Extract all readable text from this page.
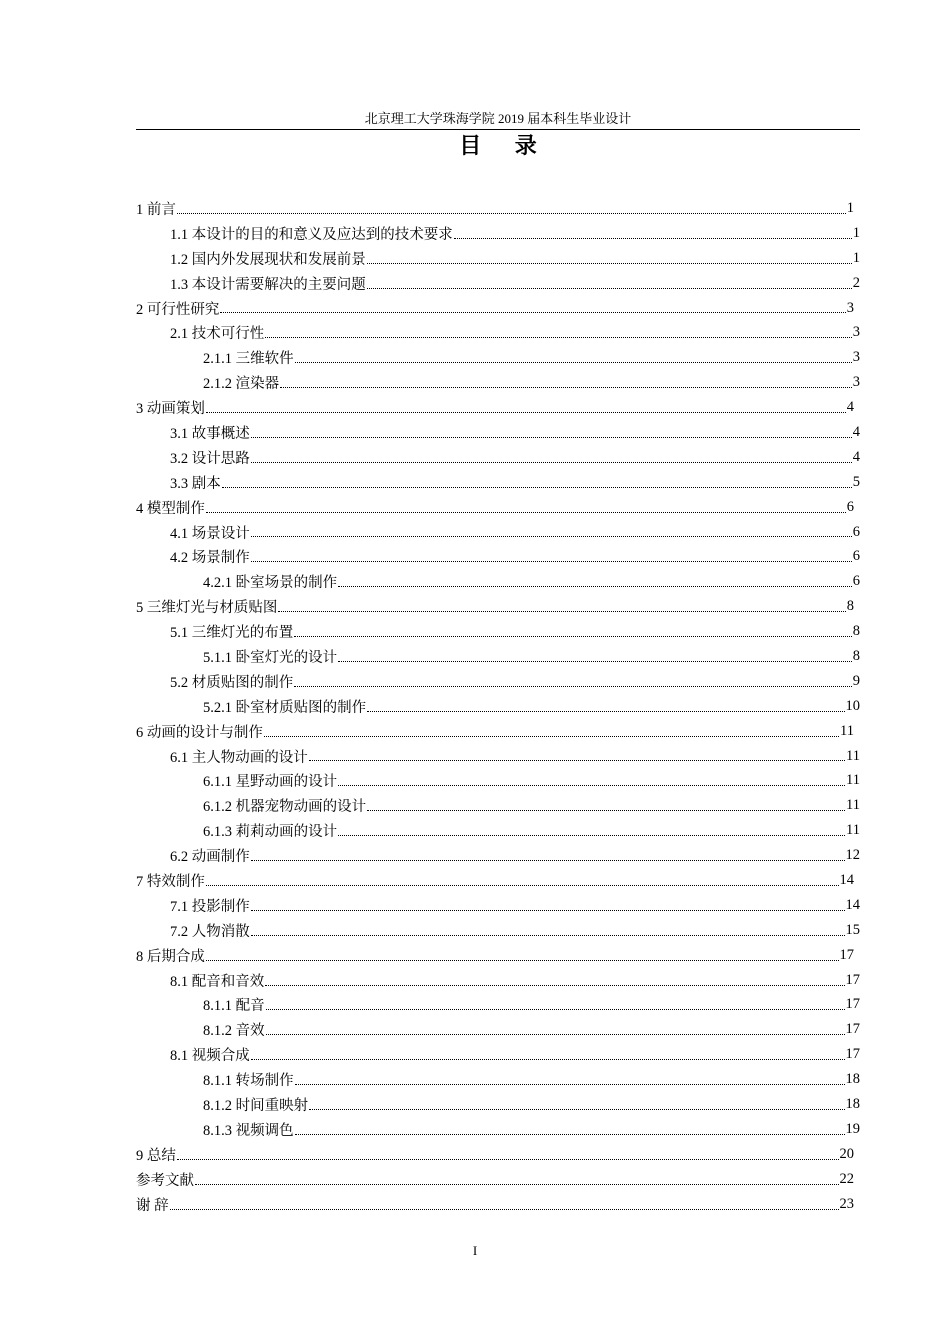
北京理工大学珠海学院 2019 届本科生毕业设计
目 录
1 前言	1
1.1 本设计的目的和意义及应达到的技术要求	1
1.2 国内外发展现状和发展前景	1
1.3 本设计需要解决的主要问题	2
2 可行性研究	3
2.1 技术可行性	3
2.1.1 三维软件	3
2.1.2 渲染器	3
3 动画策划	4
3.1 故事概述	4
3.2 设计思路	4
3.3 剧本	5
4 模型制作	6
4.1 场景设计	6
4.2 场景制作	6
4.2.1 卧室场景的制作	6
5 三维灯光与材质贴图	8
5.1 三维灯光的布置	8
5.1.1 卧室灯光的设计	8
5.2 材质贴图的制作	9
5.2.1 卧室材质贴图的制作	10
6 动画的设计与制作	11
6.1 主人物动画的设计	11
6.1.1 星野动画的设计	11
6.1.2 机器宠物动画的设计	11
6.1.3 莉莉动画的设计	11
6.2 动画制作	12
7 特效制作	14
7.1 投影制作	14
7.2 人物消散	15
8 后期合成	17
8.1 配音和音效	17
8.1.1 配音	17
8.1.2 音效	17
8.1 视频合成	17
8.1.1 转场制作	18
8.1.2 时间重映射	18
8.1.3 视频调色	19
9 总结	20
参考文献	22
谢 辞	23
I
